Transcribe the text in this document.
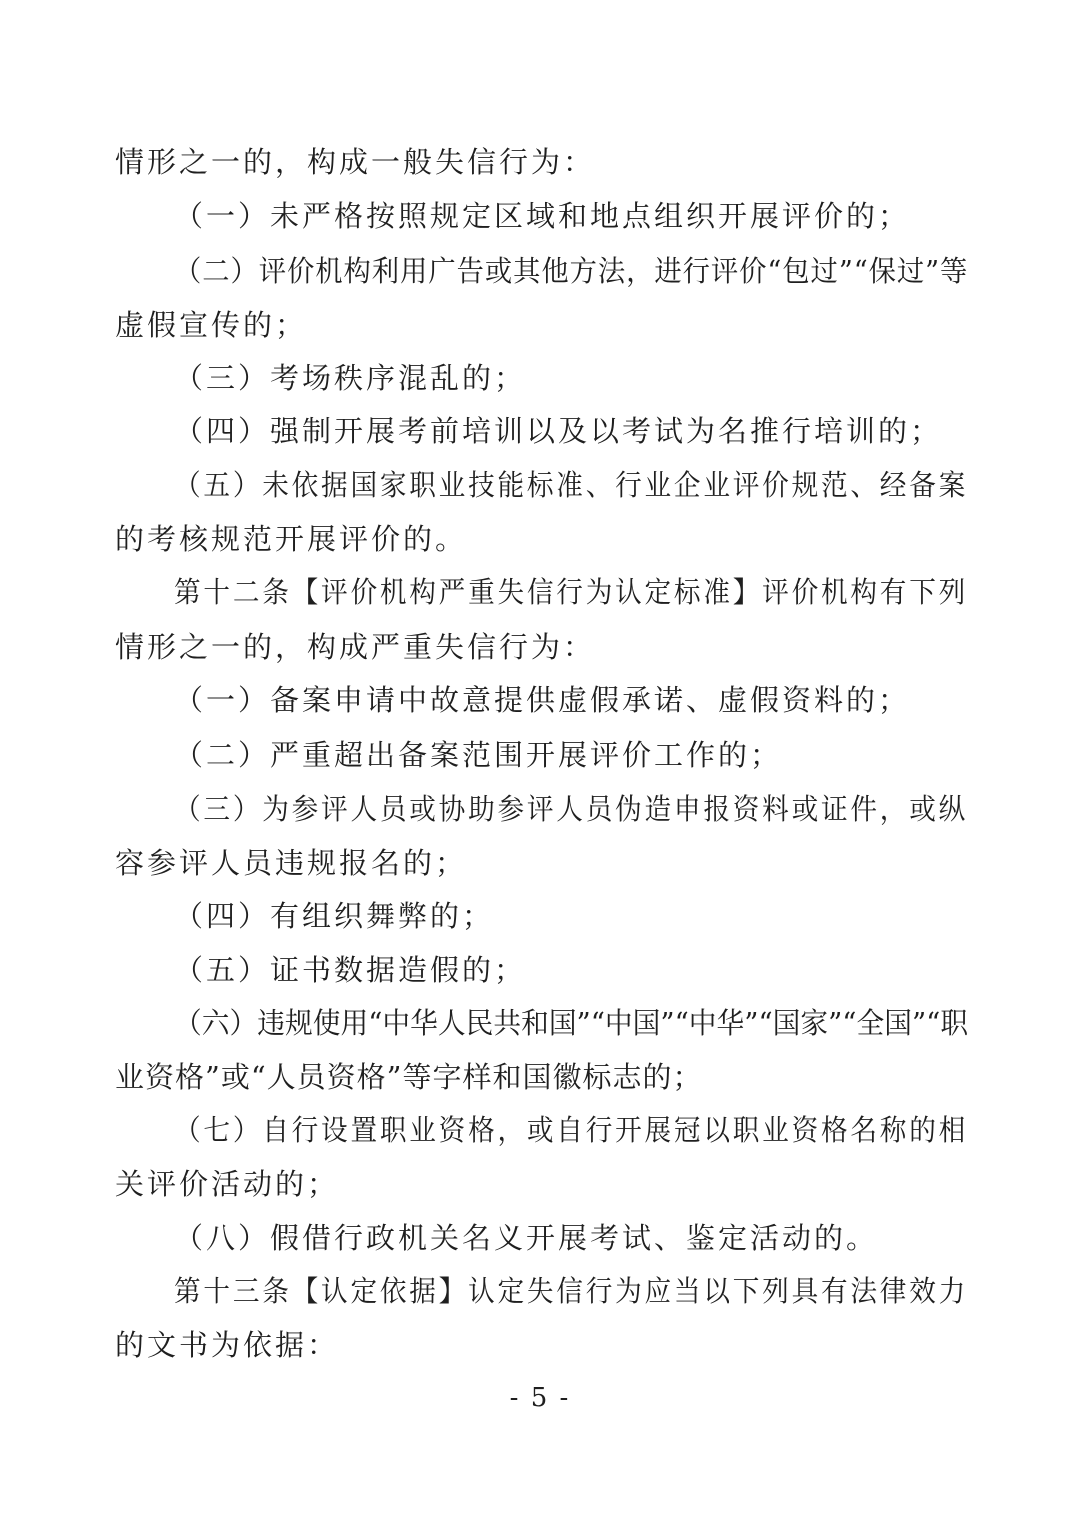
情形之一的，构成一般失信行为：
（一）未严格按照规定区域和地点组织开展评价的；
（二）评价机构利用广告或其他方法，进行评价“包过”“保过”等
虚假宣传的；
（三）考场秩序混乱的；
（四）强制开展考前培训以及以考试为名推行培训的；
（五）未依据国家职业技能标准、行业企业评价规范、经备案
的考核规范开展评价的。
第十二条【评价机构严重失信行为认定标准】评价机构有下列
情形之一的，构成严重失信行为：
（一）备案申请中故意提供虚假承诺、虚假资料的；
（二）严重超出备案范围开展评价工作的；
（三）为参评人员或协助参评人员伪造申报资料或证件，或纵
容参评人员违规报名的；
（四）有组织舞弊的；
（五）证书数据造假的；
（六）违规使用“中华人民共和国”“中国”“中华”“国家”“全国”“职
业资格”或“人员资格”等字样和国徽标志的；
（七）自行设置职业资格，或自行开展冠以职业资格名称的相
关评价活动的；
（八）假借行政机关名义开展考试、鉴定活动的。
第十三条【认定依据】认定失信行为应当以下列具有法律效力
的文书为依据：
- 5 -
